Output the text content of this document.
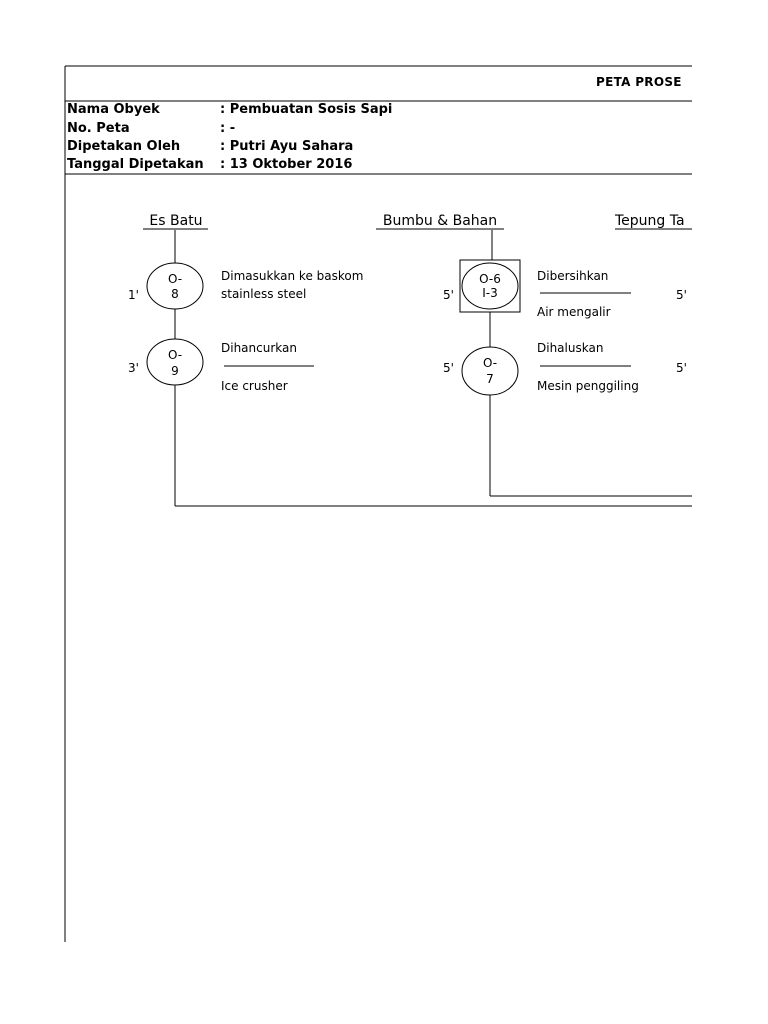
Es Batu
O-
8
1'
Dimasukkan ke baskom
stainless steel
O-
9
3'
Dihancurkan
Ice crusher
Bumbu & Bahan
O-6
I-3
5'
Dibersihkan
Air mengalir
O-
7
5'
Dihaluskan
Mesin penggiling
Tepung Ta
5'
5'
PETA PROSE
Nama Obyek	: Pembuatan Sosis Sapi
No. Peta	: -
Dipetakan Oleh	: Putri Ayu Sahara
Tanggal Dipetakan : 13 Oktober 2016
